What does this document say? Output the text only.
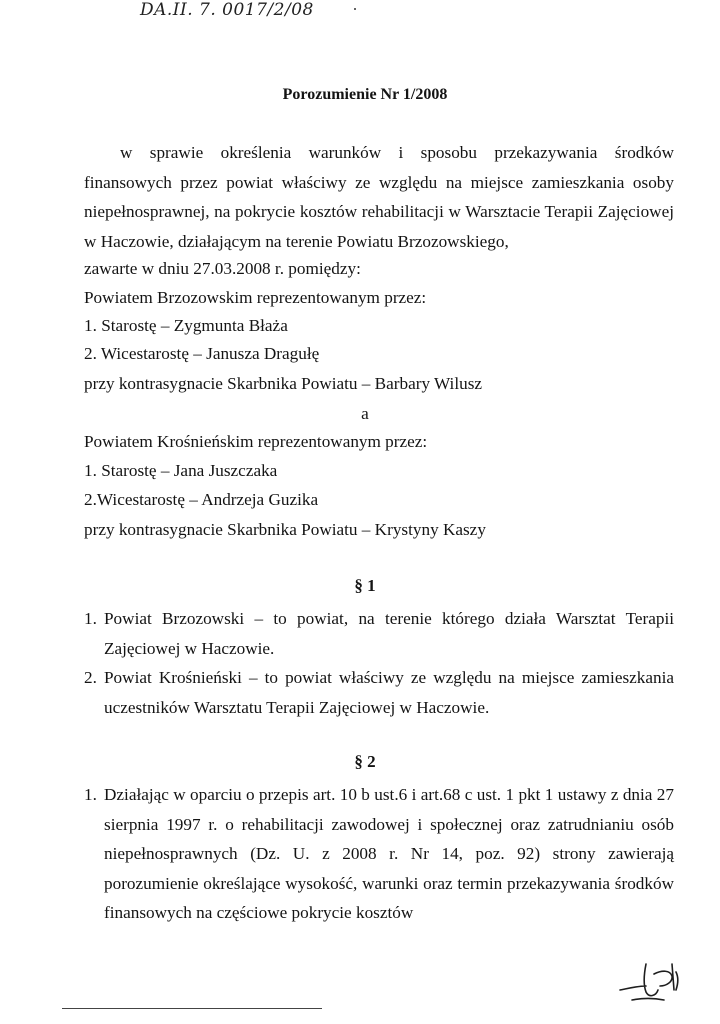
DA.II. 7. 0017/2/08
Porozumienie Nr 1/2008

w sprawie określenia warunków i sposobu przekazywania środków finansowych przez powiat właściwy ze względu na miejsce zamieszkania osoby niepełnosprawnej, na pokrycie kosztów rehabilitacji w Warsztacie Terapii Zajęciowej w Haczowie, działającym na terenie Powiatu Brzozowskiego,

zawarte w dniu 27.03.2008 r. pomiędzy:
Powiatem Brzozowskim reprezentowanym przez:
1. Starostę – Zygmunta Błaża
2. Wicestarostę – Janusza Dragułę
przy kontrasygnacie Skarbnika Powiatu – Barbary Wilusz
a
Powiatem Krośnieńskim reprezentowanym przez:
1. Starostę – Jana Juszczaka
2.Wicestarostę – Andrzeja Guzika
przy kontrasygnacie Skarbnika Powiatu – Krystyny Kaszy
§ 1
1. Powiat Brzozowski – to powiat, na terenie którego działa Warsztat Terapii Zajęciowej w Haczowie.
2. Powiat Krośnieński – to powiat właściwy ze względu na miejsce zamieszkania uczestników Warsztatu Terapii Zajęciowej w Haczowie.
§ 2
1. Działając w oparciu o przepis art. 10 b ust.6 i art.68 c ust. 1 pkt 1 ustawy z dnia 27 sierpnia 1997 r. o rehabilitacji zawodowej i społecznej oraz zatrudnianiu osób niepełnosprawnych (Dz. U. z 2008 r. Nr 14, poz. 92) strony zawierają porozumienie określające wysokość, warunki oraz termin przekazywania środków finansowych na częściowe pokrycie kosztów
